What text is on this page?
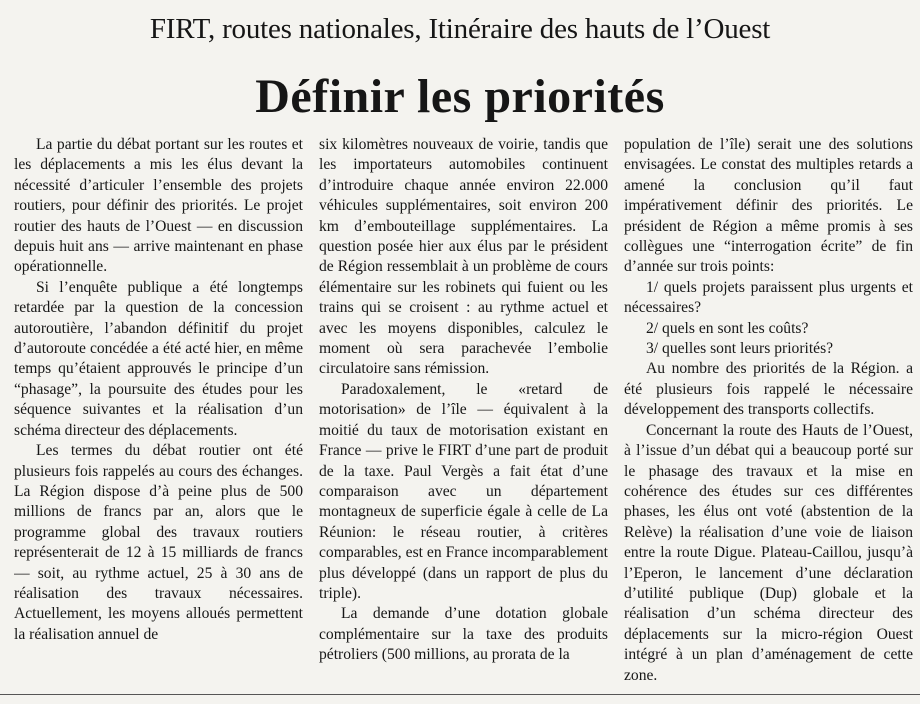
FIRT, routes nationales, Itinéraire des hauts de l’Ouest
Définir les priorités

La partie du débat portant sur les routes et les déplacements a mis les élus devant la nécessité d’articuler l’ensemble des projets routiers, pour définir des priorités. Le projet routier des hauts de l’Ouest — en discussion depuis huit ans — arrive maintenant en phase opérationnelle.

Si l’enquête publique a été longtemps retardée par la question de la concession autoroutière, l’abandon définitif du projet d’autoroute concédée a été acté hier, en même temps qu’étaient approuvés le principe d’un “phasage”, la poursuite des études pour les séquence suivantes et la réalisation d’un schéma directeur des déplacements.

Les termes du débat routier ont été plusieurs fois rappelés au cours des échanges. La Région dispose d’à peine plus de 500 millions de francs par an, alors que le programme global des travaux routiers représenterait de 12 à 15 milliards de francs — soit, au rythme actuel, 25 à 30 ans de réalisation des travaux nécessaires. Actuellement, les moyens alloués permettent la réalisation annuel de

six kilomètres nouveaux de voirie, tandis que les importateurs automobiles continuent d’introduire chaque année environ 22.000 véhicules supplémentaires, soit environ 200 km d’embouteillage supplémentaires. La question posée hier aux élus par le président de Région ressemblait à un problème de cours élémentaire sur les robinets qui fuient ou les trains qui se croisent : au rythme actuel et avec les moyens disponibles, calculez le moment où sera parachevée l’embolie circulatoire sans rémission.

Paradoxalement, le «retard de motorisation» de l’île — équivalent à la moitié du taux de motorisation existant en France — prive le FIRT d’une part de produit de la taxe. Paul Vergès a fait état d’une comparaison avec un département montagneux de superficie égale à celle de La Réunion: le réseau routier, à critères comparables, est en France incomparablement plus développé (dans un rapport de plus du triple).

La demande d’une dotation globale complémentaire sur la taxe des produits pétroliers (500 millions, au prorata de la

population de l’île) serait une des solutions envisagées. Le constat des multiples retards a amené la conclusion qu’il faut impérativement définir des priorités. Le président de Région a même promis à ses collègues une “interrogation écrite” de fin d’année sur trois points:

1/ quels projets paraissent plus urgents et nécessaires?

2/ quels en sont les coûts?

3/ quelles sont leurs priorités?

Au nombre des priorités de la Région. a été plusieurs fois rappelé le nécessaire développement des transports collectifs.

Concernant la route des Hauts de l’Ouest, à l’issue d’un débat qui a beaucoup porté sur le phasage des travaux et la mise en cohérence des études sur ces différentes phases, les élus ont voté (abstention de la Relève) la réalisation d’une voie de liaison entre la route Digue. Plateau-Caillou, jusqu’à l’Eperon, le lancement d’une déclaration d’utilité publique (Dup) globale et la réalisation d’un schéma directeur des déplacements sur la micro-région Ouest intégré à un plan d’aménagement de cette zone.
